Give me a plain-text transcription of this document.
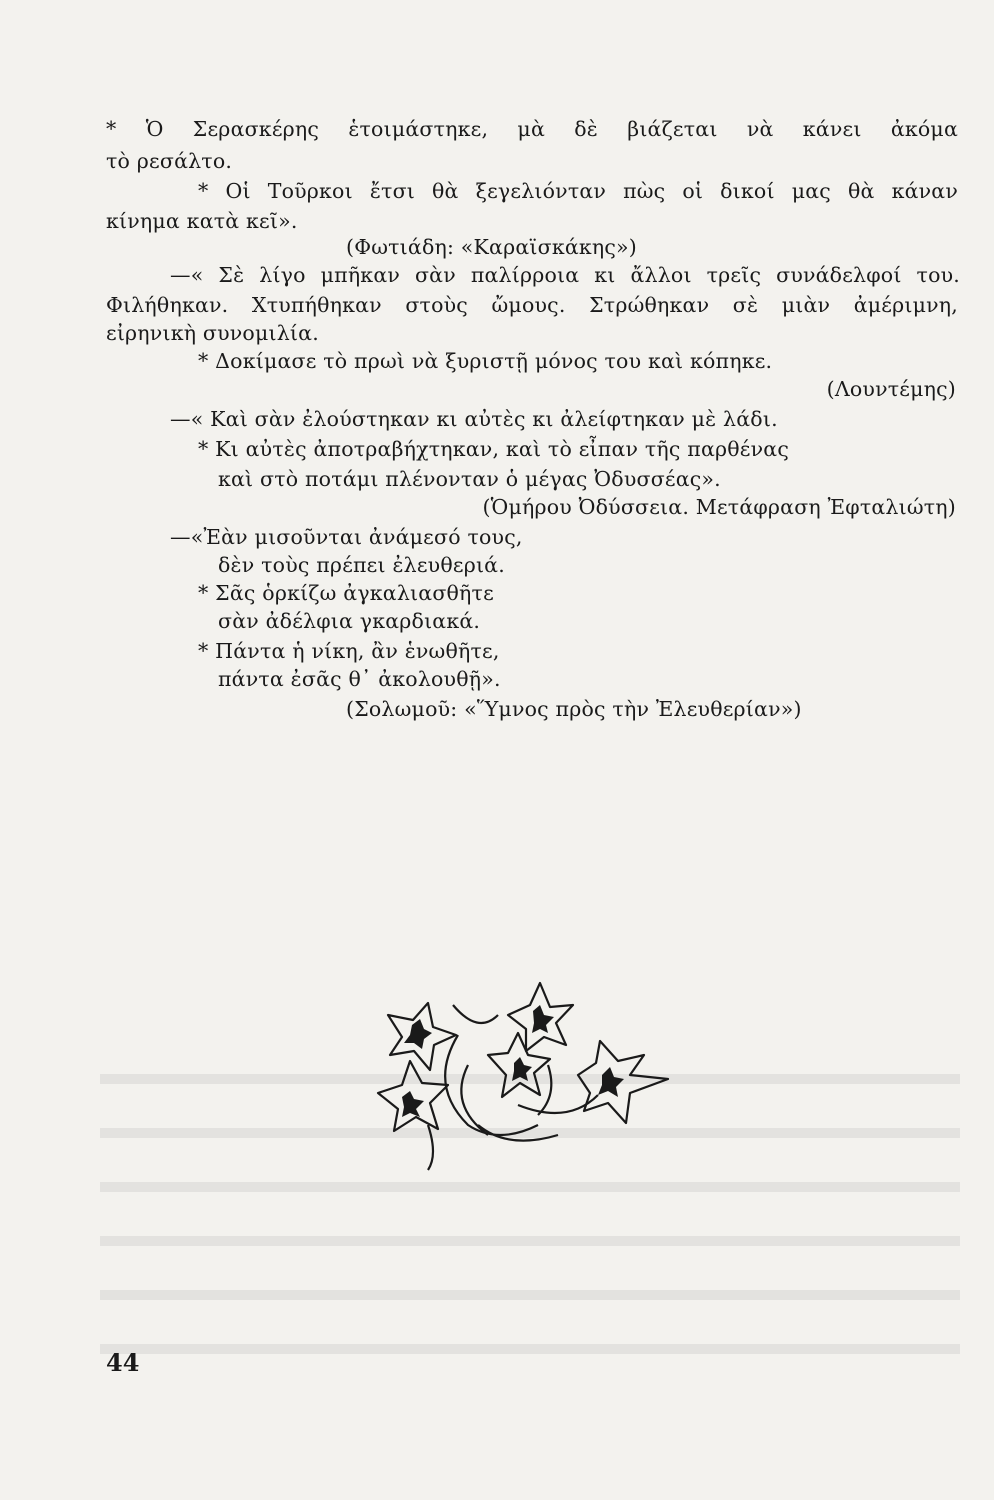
* Ὁ Σερασκέρης ἑτοιμάστηκε, μὰ δὲ βιάζεται νὰ κάνει ἀκόμα
τὸ ρεσάλτο.
* Οἱ Τοῦρκοι ἔτσι θὰ ξεγελιόνταν πὼς οἱ δικοί μας θὰ κάναν
κίνημα κατὰ κεῖ».
(Φωτιάδη: «Καραϊσκάκης»)
—« Σὲ λίγο μπῆκαν σὰν παλίρροια κι ἄλλοι τρεῖς συνάδελφοί του.
Φιλήθηκαν. Χτυπήθηκαν στοὺς ὤμους. Στρώθηκαν σὲ μιὰν ἀμέριμνη,
εἰρηνικὴ συνομιλία.
* Δοκίμασε τὸ πρωὶ νὰ ξυριστῇ μόνος του καὶ κόπηκε.
(Λουντέμης)
—« Καὶ σὰν ἐλούστηκαν κι αὐτὲς κι ἀλείφτηκαν μὲ λάδι.
* Κι αὐτὲς ἀποτραβήχτηκαν, καὶ τὸ εἶπαν τῆς παρθένας
καὶ στὸ ποτάμι πλένονταν ὁ μέγας Ὀδυσσέας».
(Ὁμήρου Ὀδύσσεια. Μετάφραση Ἐφταλιώτη)
—«Ἐὰν μισοῦνται ἀνάμεσό τους,
δὲν τοὺς πρέπει ἐλευθεριά.
* Σᾶς ὁρκίζω ἀγκαλιασθῆτε
σὰν ἀδέλφια γκαρδιακά.
* Πάντα ἡ νίκη, ἂν ἑνωθῆτε,
πάντα ἐσᾶς θ᾽ ἀκολουθῇ».
(Σολωμοῦ: «Ὕμνος πρὸς τὴν Ἐλευθερίαν»)
44
